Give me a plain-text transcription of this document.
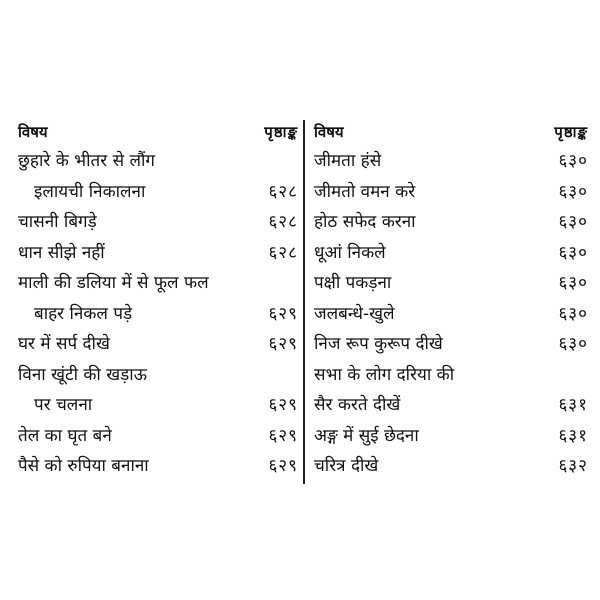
विषय	पृष्ठाङ्क
छुहारे के भीतर से लौंग
इलायची निकालना	६२८
चासनी बिगड़े	६२८
धान सीझे नहीं	६२८
माली की डलिया में से फूल फल
बाहर निकल पड़े	६२९
घर में सर्प दीखे	६२९
विना खूंटी की खड़ाऊ
पर चलना	६२९
तेल का घृत बने	६२९
पैसे को रुपिया बनाना	६२९
विषय	पृष्ठाङ्क
जीमता हंसे	६३०
जीमतो वमन करे	६३०
होठ सफेद करना	६३०
धूआं निकले	६३०
पक्षी पकड़ना	६३०
जलबन्धे-खुले	६३०
निज रूप कुरूप दीखे	६३०
सभा के लोग दरिया की
सैर करते दीखें	६३१
अङ्ग में सुई छेदना	६३१
चरित्र दीखे	६३२
